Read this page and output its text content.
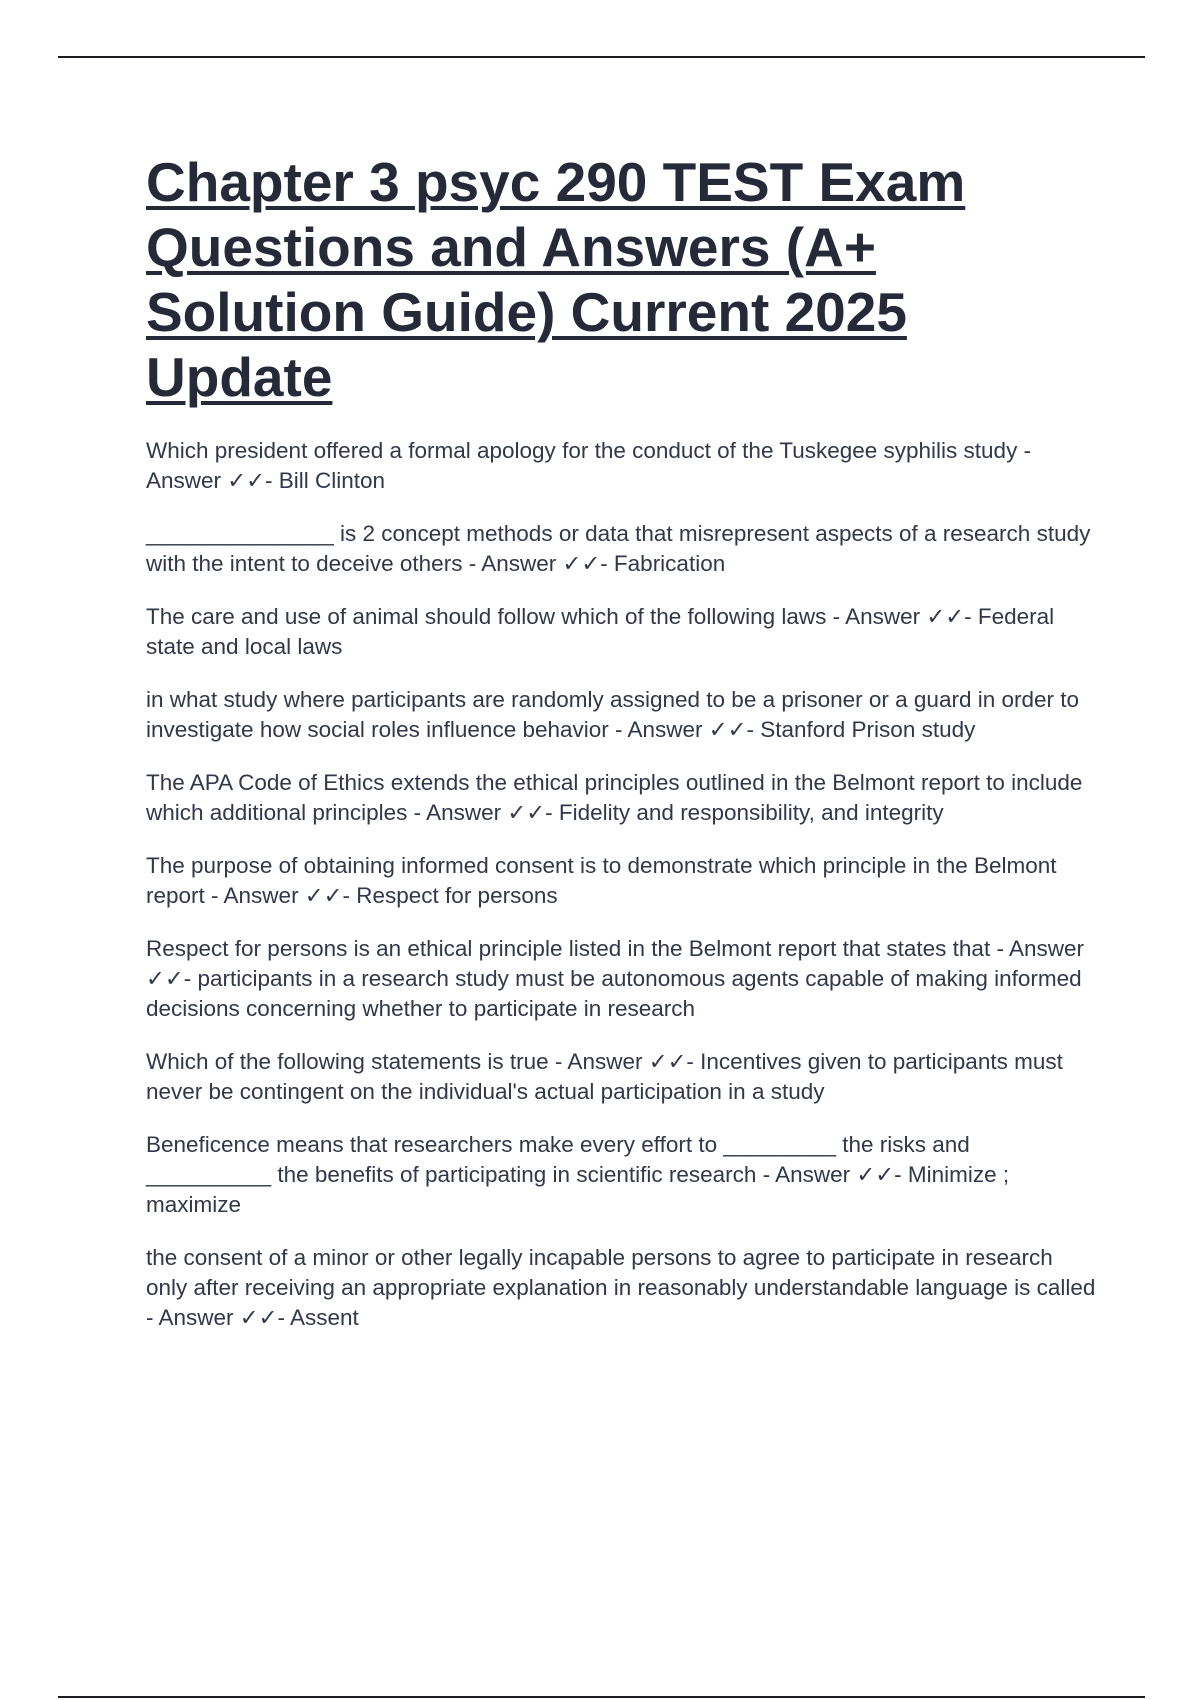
Chapter 3 psyc 290 TEST Exam Questions and Answers (A+ Solution Guide) Current 2025 Update

Which president offered a formal apology for the conduct of the Tuskegee syphilis study - Answer ✓✓- Bill Clinton

_______________ is 2 concept methods or data that misrepresent aspects of a research study with the intent to deceive others - Answer ✓✓- Fabrication

The care and use of animal should follow which of the following laws - Answer ✓✓- Federal state and local laws

in what study where participants are randomly assigned to be a prisoner or a guard in order to investigate how social roles influence behavior - Answer ✓✓- Stanford Prison study

The APA Code of Ethics extends the ethical principles outlined in the Belmont report to include which additional principles - Answer ✓✓- Fidelity and responsibility, and integrity

The purpose of obtaining informed consent is to demonstrate which principle in the Belmont report - Answer ✓✓- Respect for persons

Respect for persons is an ethical principle listed in the Belmont report that states that - Answer ✓✓- participants in a research study must be autonomous agents capable of making informed decisions concerning whether to participate in research

Which of the following statements is true - Answer ✓✓- Incentives given to participants must never be contingent on the individual's actual participation in a study

Beneficence means that researchers make every effort to _________ the risks and __________ the benefits of participating in scientific research - Answer ✓✓- Minimize ; maximize

the consent of a minor or other legally incapable persons to agree to participate in research only after receiving an appropriate explanation in reasonably understandable language is called - Answer ✓✓- Assent
